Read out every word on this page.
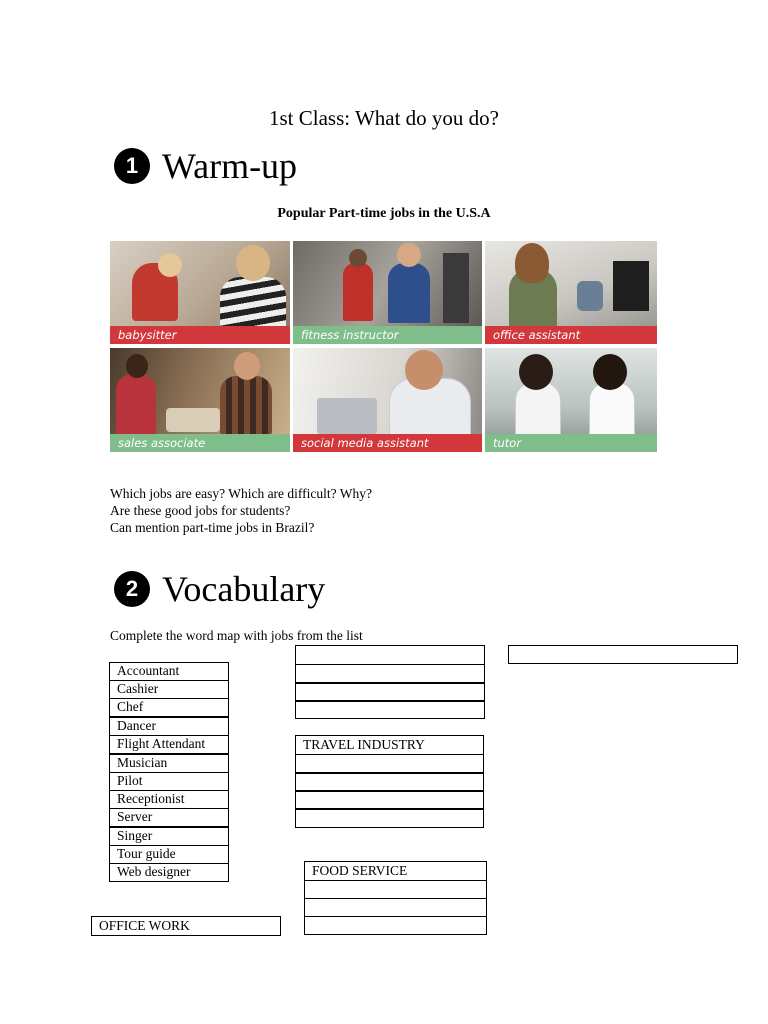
1st Class: What do you do?
1 Warm-up
Popular Part-time jobs in the U.S.A
babysitter	fitness instructor	office assistant
sales associate	social media assistant	tutor
Which jobs are easy? Which are difficult? Why?
Are these good jobs for students?
Can mention part-time jobs in Brazil?
2 Vocabulary
Complete the word map with jobs from the list
Accountant
Cashier
Chef
Dancer
Flight Attendant
Musician
Pilot
Receptionist
Server
Singer
Tour guide
Web designer
TRAVEL INDUSTRY
FOOD SERVICE
OFFICE WORK
